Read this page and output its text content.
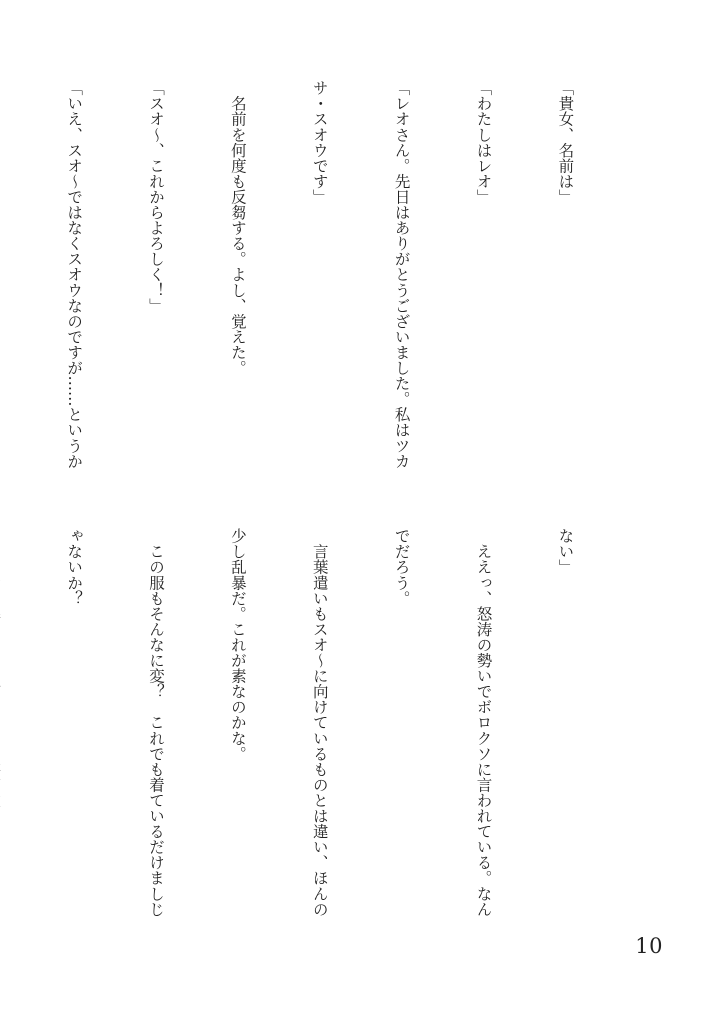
「貴女、名前は」

「わたしはレオ」

「レオさん。先日はありがとうございました。私はツカ

サ・スオウです」

　名前を何度も反芻する。よし、覚えた。

「スオ〜、これからよろしく！」

「いえ、スオ〜ではなくスオウなのですが……というか

ない」

　ええっ、怒涛の勢いでボロクソに言われている。なん

でだろう。

　言葉遣いもスオ〜に向けているものとは違い、ほんの

少し乱暴だ。これが素なのかな。

　この服もそんなに変？　これでも着ているだけましじ

ゃないか？

10
